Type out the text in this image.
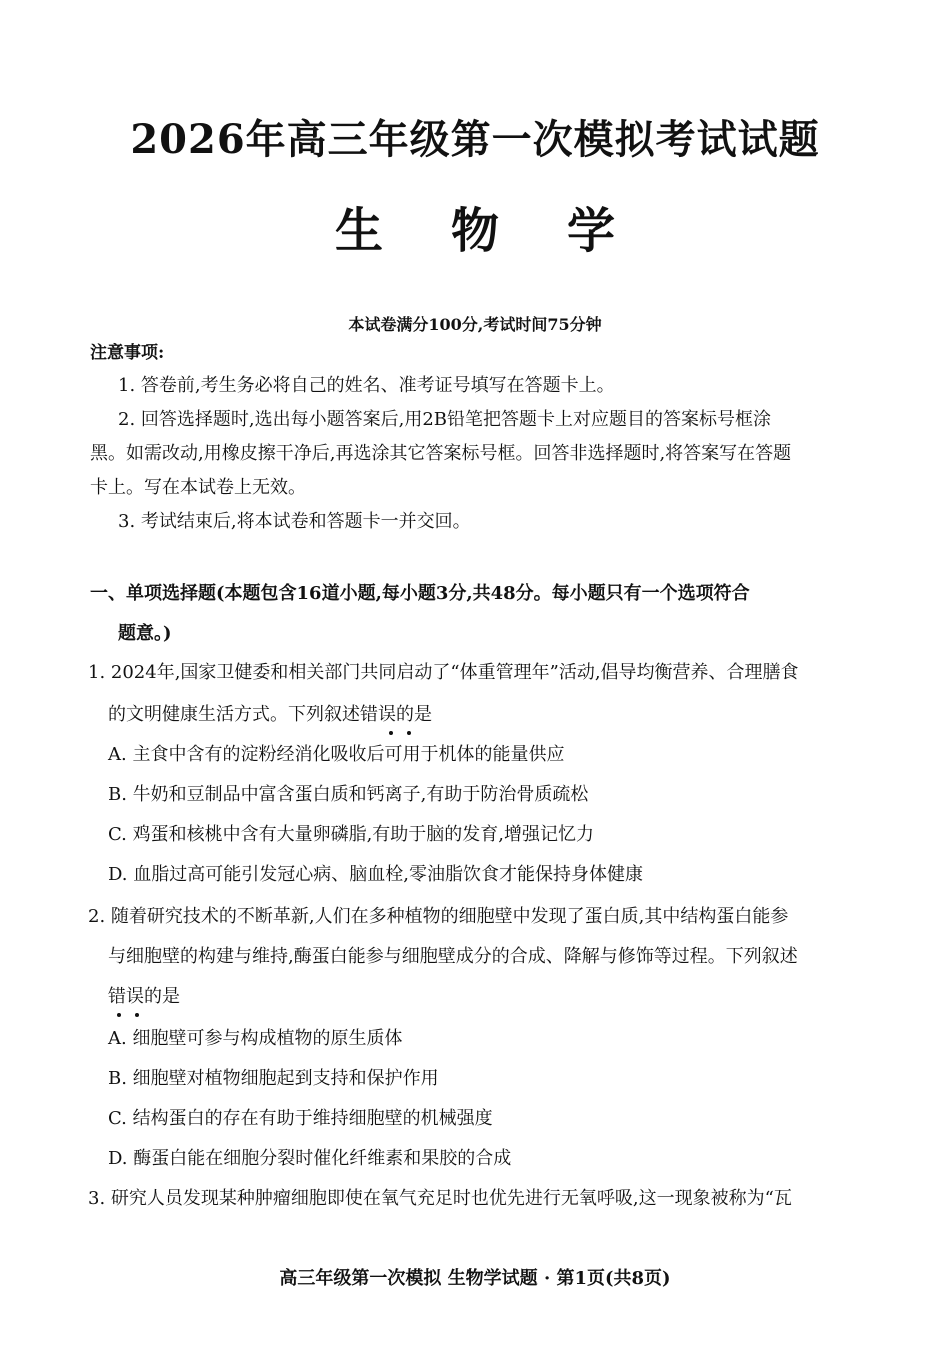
2026年高三年级第一次模拟考试试题
生 物 学
本试卷满分100分,考试时间75分钟
注意事项:
1. 答卷前,考生务必将自己的姓名、准考证号填写在答题卡上。
2. 回答选择题时,选出每小题答案后,用2B铅笔把答题卡上对应题目的答案标号框涂
黑。如需改动,用橡皮擦干净后,再选涂其它答案标号框。回答非选择题时,将答案写在答题
卡上。写在本试卷上无效。
3. 考试结束后,将本试卷和答题卡一并交回。
一、单项选择题(本题包含16道小题,每小题3分,共48分。每小题只有一个选项符合
题意。)
1. 2024年,国家卫健委和相关部门共同启动了“体重管理年”活动,倡导均衡营养、合理膳食
的文明健康生活方式。下列叙述错误的是
A. 主食中含有的淀粉经消化吸收后可用于机体的能量供应
B. 牛奶和豆制品中富含蛋白质和钙离子,有助于防治骨质疏松
C. 鸡蛋和核桃中含有大量卵磷脂,有助于脑的发育,增强记忆力
D. 血脂过高可能引发冠心病、脑血栓,零油脂饮食才能保持身体健康
2. 随着研究技术的不断革新,人们在多种植物的细胞壁中发现了蛋白质,其中结构蛋白能参
与细胞壁的构建与维持,酶蛋白能参与细胞壁成分的合成、降解与修饰等过程。下列叙述
错误的是
A. 细胞壁可参与构成植物的原生质体
B. 细胞壁对植物细胞起到支持和保护作用
C. 结构蛋白的存在有助于维持细胞壁的机械强度
D. 酶蛋白能在细胞分裂时催化纤维素和果胶的合成
3. 研究人员发现某种肿瘤细胞即使在氧气充足时也优先进行无氧呼吸,这一现象被称为“瓦
高三年级第一次模拟 生物学试题 · 第1页(共8页)
